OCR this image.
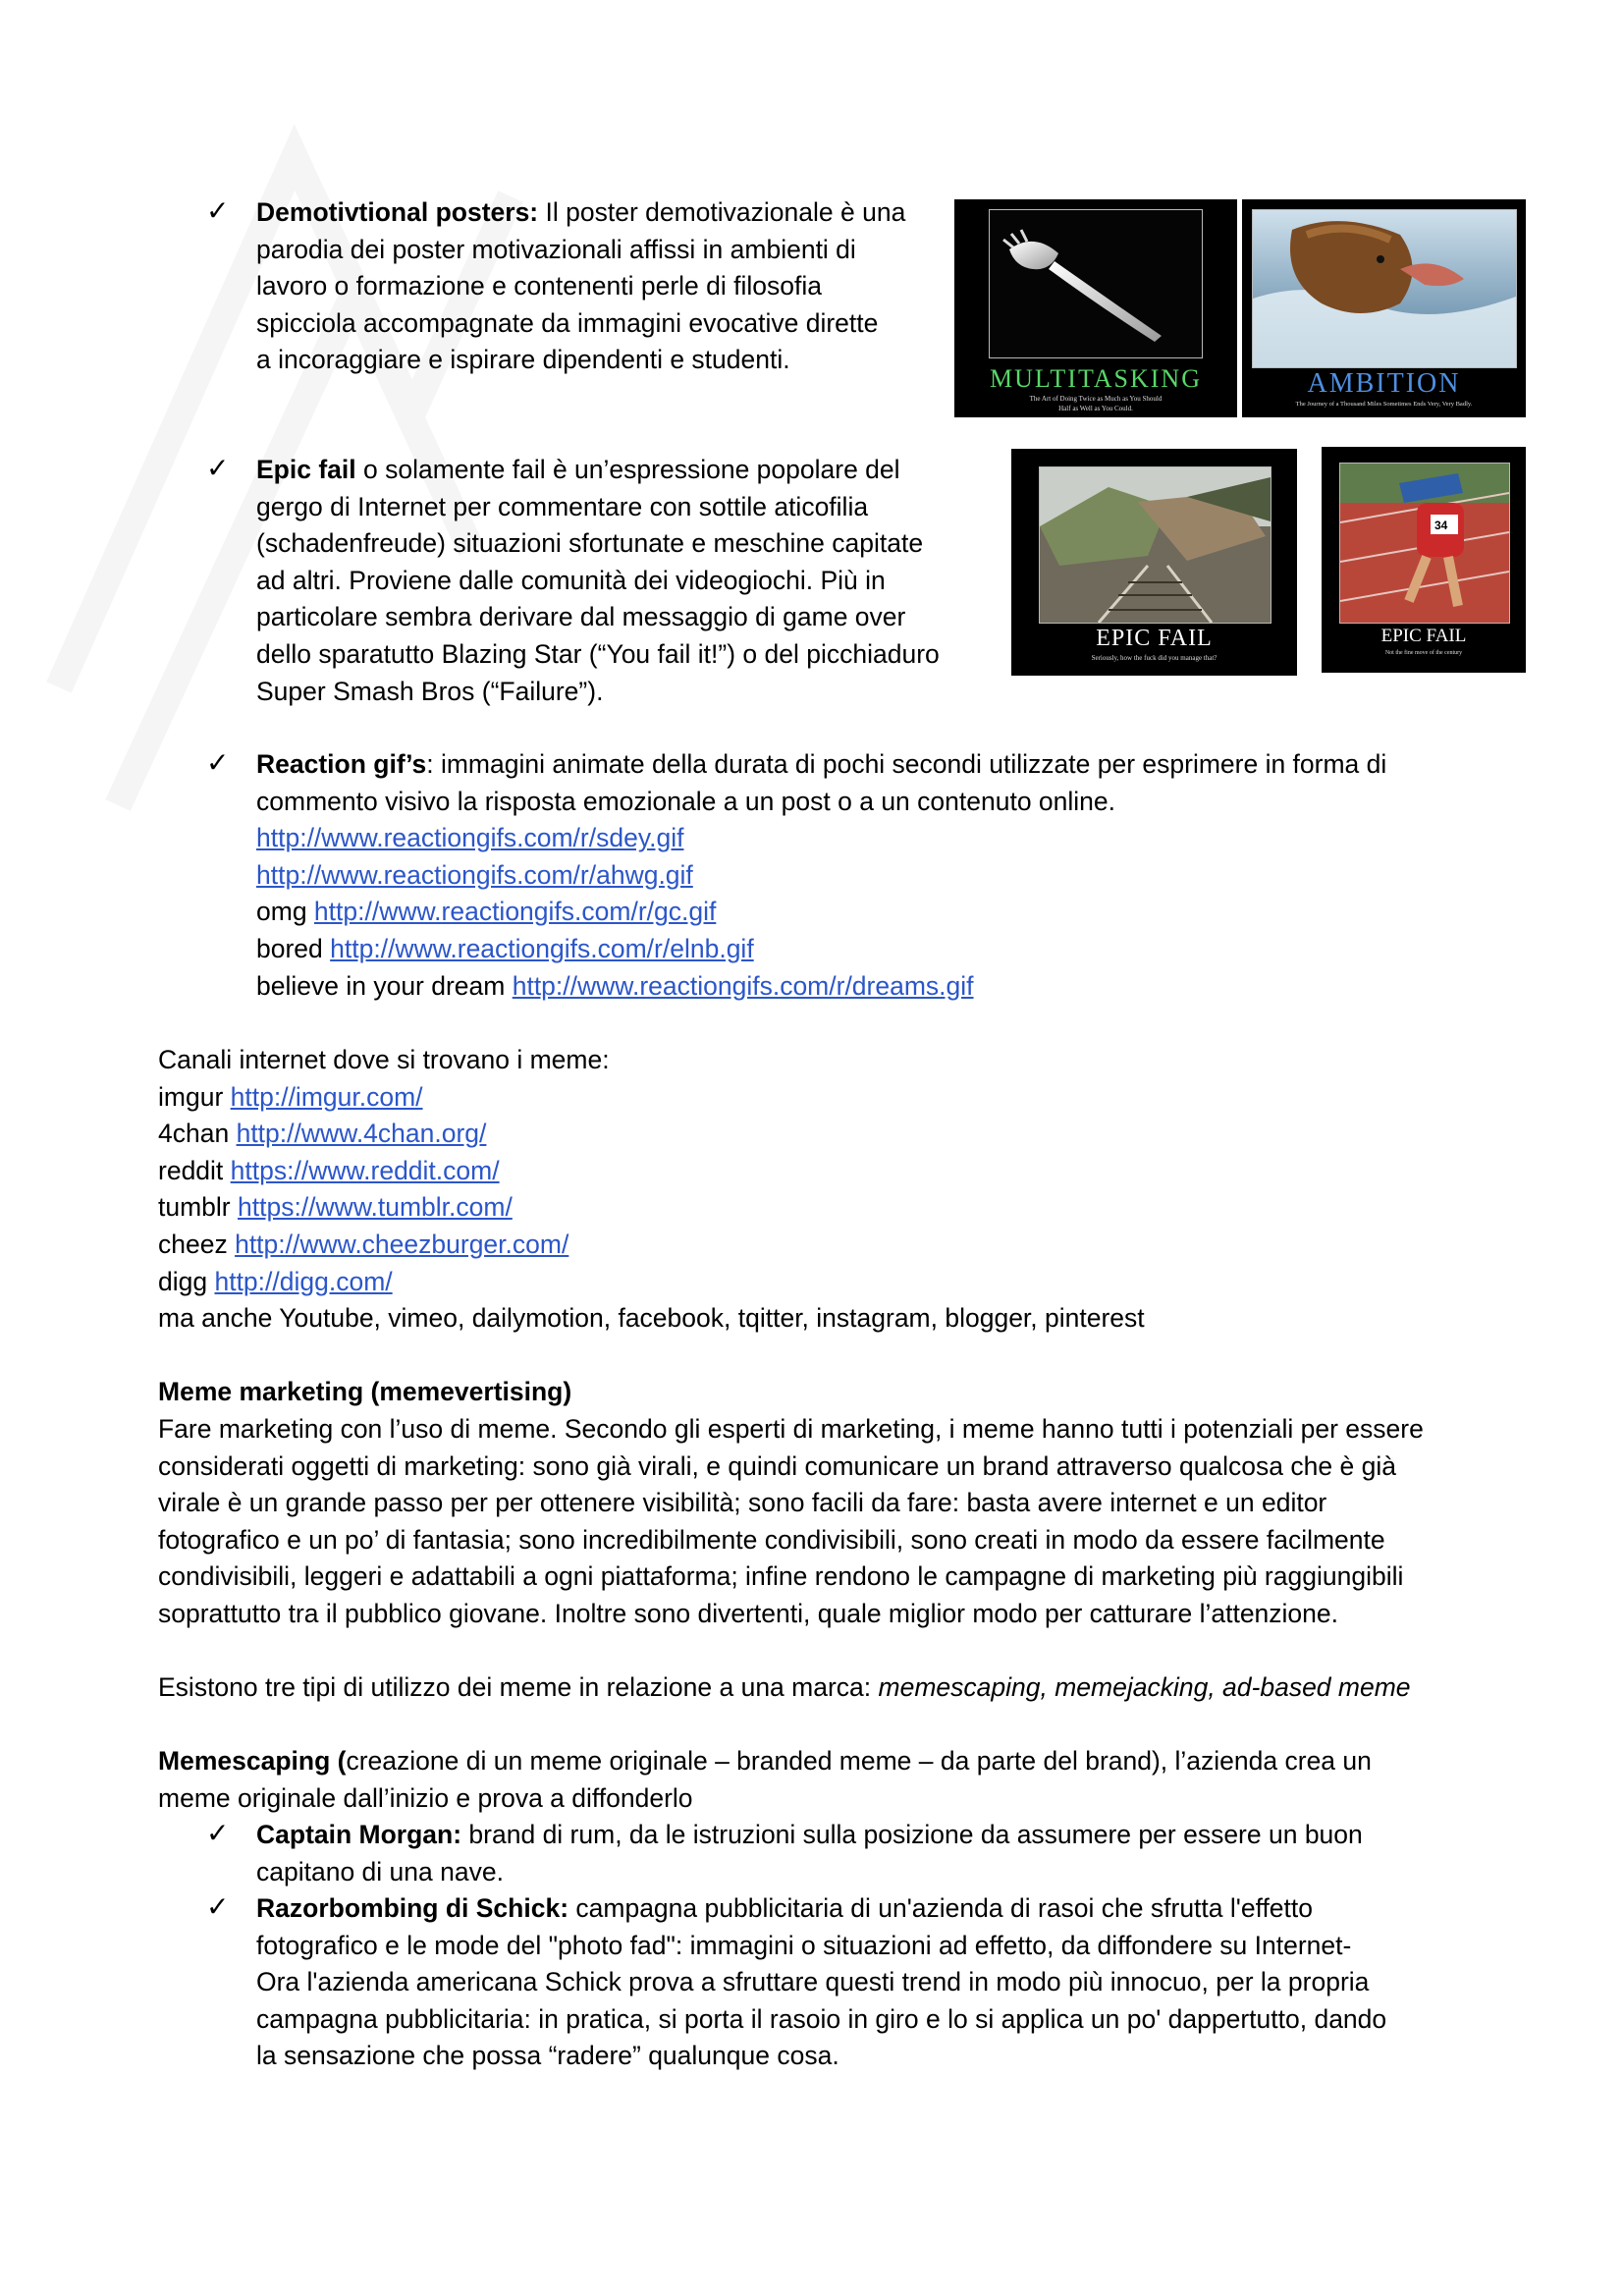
✓ Demotivtional posters: Il poster demotivazionale è una
parodia dei poster motivazionali affissi in ambienti di
lavoro o formazione e contenenti perle di filosofia
spicciola accompagnate da immagini evocative dirette
a incoraggiare e ispirare dipendenti e studenti.
MULTITASKING
The Art of Doing Twice as Much as You Should
Half as Well as You Could.
AMBITION
The Journey of a Thousand Miles Sometimes Ends Very, Very Badly.
✓ Epic fail o solamente fail è un’espressione popolare del
gergo di Internet per commentare con sottile aticofilia
(schadenfreude) situazioni sfortunate e meschine capitate
ad altri. Proviene dalle comunità dei videogiochi. Più in
particolare sembra derivare dal messaggio di game over
dello sparatutto Blazing Star (“You fail it!”) o del picchiaduro
Super Smash Bros (“Failure”).
EPIC FAIL
Seriously, how the fuck did you manage that?
34
EPIC FAIL
Not the fine move of the century
✓ Reaction gif’s: immagini animate della durata di pochi secondi utilizzate per esprimere in forma di
commento visivo la risposta emozionale a un post o a un contenuto online.
http://www.reactiongifs.com/r/sdey.gif
http://www.reactiongifs.com/r/ahwg.gif
omg http://www.reactiongifs.com/r/gc.gif
bored http://www.reactiongifs.com/r/elnb.gif
believe in your dream http://www.reactiongifs.com/r/dreams.gif
Canali internet dove si trovano i meme:
imgur http://imgur.com/
4chan http://www.4chan.org/
reddit https://www.reddit.com/
tumblr https://www.tumblr.com/
cheez http://www.cheezburger.com/
digg http://digg.com/
ma anche Youtube, vimeo, dailymotion, facebook, tqitter, instagram, blogger, pinterest
Meme marketing (memevertising)
Fare marketing con l’uso di meme. Secondo gli esperti di marketing, i meme hanno tutti i potenziali per essere
considerati oggetti di marketing: sono già virali, e quindi comunicare un brand attraverso qualcosa che è già
virale è un grande passo per per ottenere visibilità; sono facili da fare: basta avere internet e un editor
fotografico e un po’ di fantasia; sono incredibilmente condivisibili, sono creati in modo da essere facilmente
condivisibili, leggeri e adattabili a ogni piattaforma; infine rendono le campagne di marketing più raggiungibili
soprattutto tra il pubblico giovane. Inoltre sono divertenti, quale miglior modo per catturare l’attenzione.
Esistono tre tipi di utilizzo dei meme in relazione a una marca: memescaping, memejacking, ad-based meme
Memescaping (creazione di un meme originale – branded meme – da parte del brand), l’azienda crea un
meme originale dall’inizio e prova a diffonderlo
✓ Captain Morgan: brand di rum, da le istruzioni sulla posizione da assumere per essere un buon
capitano di una nave.
✓ Razorbombing di Schick: campagna pubblicitaria di un'azienda di rasoi che sfrutta l'effetto
fotografico e le mode del "photo fad": immagini o situazioni ad effetto, da diffondere su Internet-
Ora l'azienda americana Schick prova a sfruttare questi trend in modo più innocuo, per la propria
campagna pubblicitaria: in pratica, si porta il rasoio in giro e lo si applica un po' dappertutto, dando
la sensazione che possa “radere” qualunque cosa.
